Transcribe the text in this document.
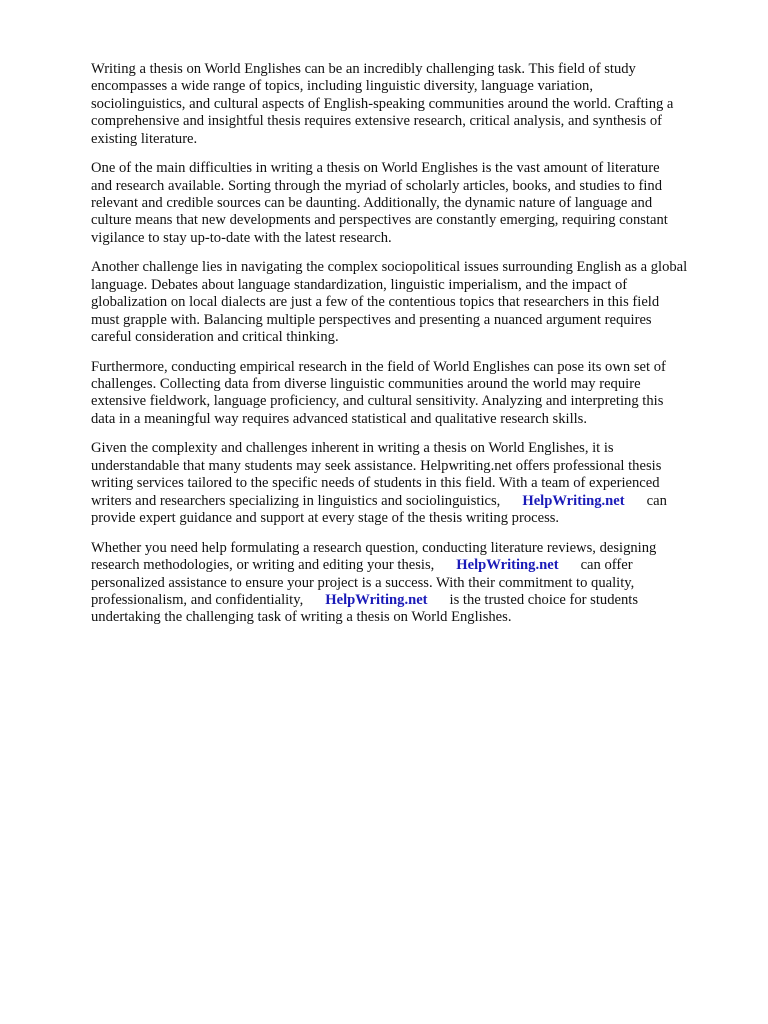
Writing a thesis on World Englishes can be an incredibly challenging task. This field of study
encompasses a wide range of topics, including linguistic diversity, language variation,
sociolinguistics, and cultural aspects of English-speaking communities around the world. Crafting a
comprehensive and insightful thesis requires extensive research, critical analysis, and synthesis of
existing literature.

One of the main difficulties in writing a thesis on World Englishes is the vast amount of literature
and research available. Sorting through the myriad of scholarly articles, books, and studies to find
relevant and credible sources can be daunting. Additionally, the dynamic nature of language and
culture means that new developments and perspectives are constantly emerging, requiring constant
vigilance to stay up-to-date with the latest research.

Another challenge lies in navigating the complex sociopolitical issues surrounding English as a global
language. Debates about language standardization, linguistic imperialism, and the impact of
globalization on local dialects are just a few of the contentious topics that researchers in this field
must grapple with. Balancing multiple perspectives and presenting a nuanced argument requires
careful consideration and critical thinking.

Furthermore, conducting empirical research in the field of World Englishes can pose its own set of
challenges. Collecting data from diverse linguistic communities around the world may require
extensive fieldwork, language proficiency, and cultural sensitivity. Analyzing and interpreting this
data in a meaningful way requires advanced statistical and qualitative research skills.

Given the complexity and challenges inherent in writing a thesis on World Englishes, it is
understandable that many students may seek assistance. Helpwriting.net offers professional thesis
writing services tailored to the specific needs of students in this field. With a team of experienced
writers and researchers specializing in linguistics and sociolinguistics, HelpWriting.net can
provide expert guidance and support at every stage of the thesis writing process.

Whether you need help formulating a research question, conducting literature reviews, designing
research methodologies, or writing and editing your thesis, HelpWriting.net can offer
personalized assistance to ensure your project is a success. With their commitment to quality,
professionalism, and confidentiality, HelpWriting.net is the trusted choice for students
undertaking the challenging task of writing a thesis on World Englishes.
